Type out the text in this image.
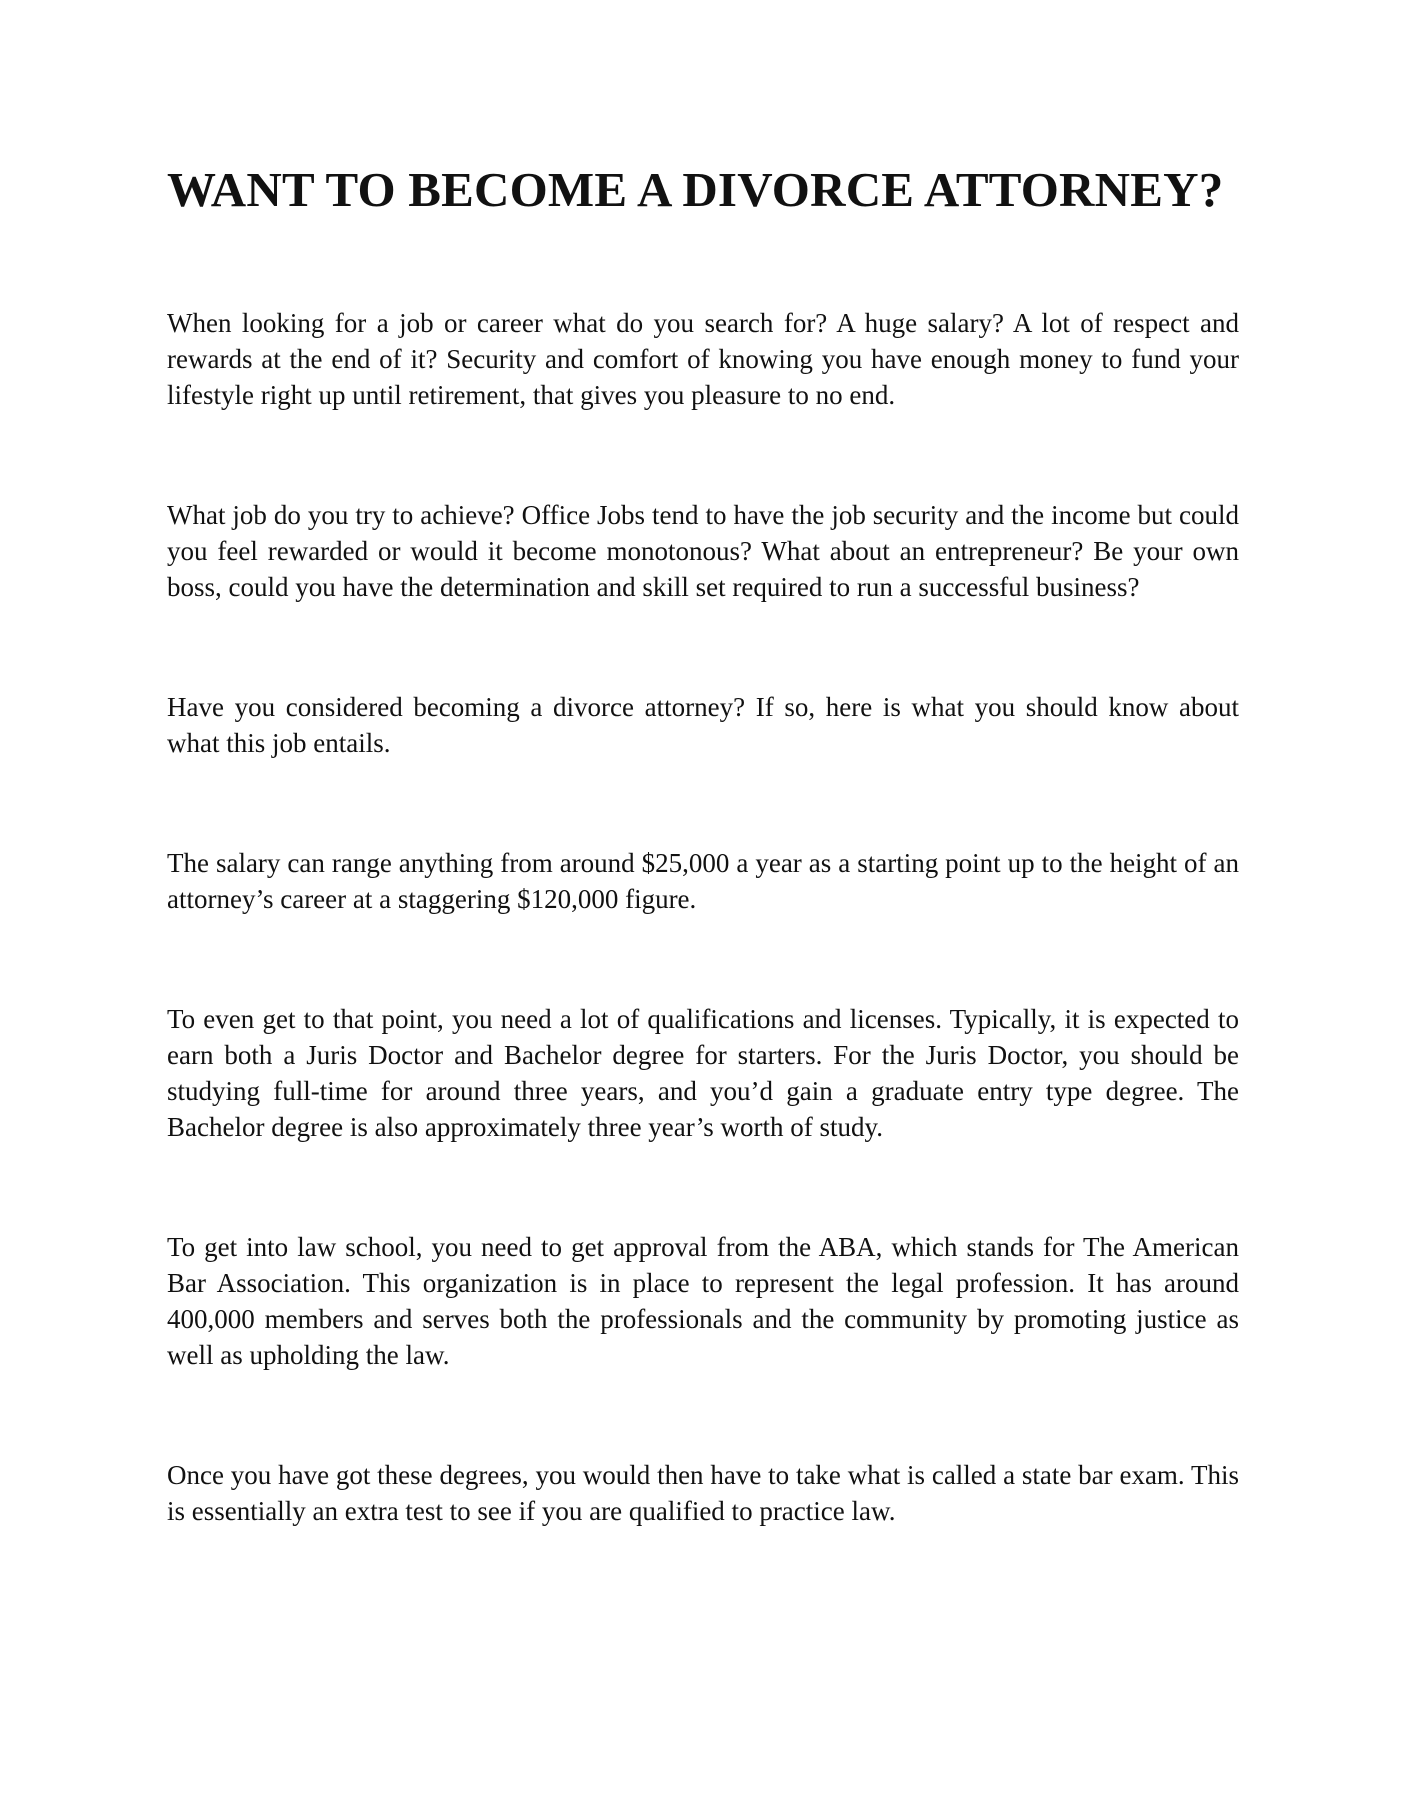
WANT TO BECOME A DIVORCE ATTORNEY?

When looking for a job or career what do you search for? A huge salary? A lot of respect and rewards at the end of it? Security and comfort of knowing you have enough money to fund your lifestyle right up until retirement, that gives you pleasure to no end.

What job do you try to achieve? Office Jobs tend to have the job security and the income but could you feel rewarded or would it become monotonous? What about an entrepreneur? Be your own boss, could you have the determination and skill set required to run a successful business?

Have you considered becoming a divorce attorney? If so, here is what you should know about what this job entails.

The salary can range anything from around $25,000 a year as a starting point up to the height of an attorney’s career at a staggering $120,000 figure.

To even get to that point, you need a lot of qualifications and licenses. Typically, it is expected to earn both a Juris Doctor and Bachelor degree for starters. For the Juris Doctor, you should be studying full-time for around three years, and you’d gain a graduate entry type degree. The Bachelor degree is also approximately three year’s worth of study.

To get into law school, you need to get approval from the ABA, which stands for The American Bar Association. This organization is in place to represent the legal profession. It has around 400,000 members and serves both the professionals and the community by promoting justice as well as upholding the law.

Once you have got these degrees, you would then have to take what is called a state bar exam. This is essentially an extra test to see if you are qualified to practice law.
